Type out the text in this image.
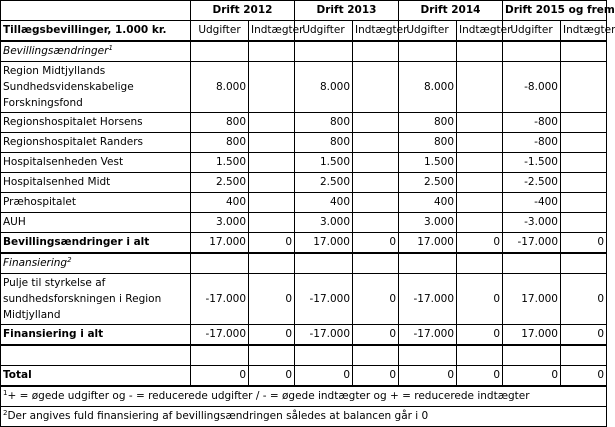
	Drift 2012		Drift 2013		Drift 2014		Drift 2015 og frem	
Tillægsbevillinger, 1.000 kr.	Udgifter	Indtægter	Udgifter	Indtægter	Udgifter	Indtægter	Udgifter	Indtægter
Bevillingsændringer$^1$								
Region Midtjyllands Sundhedsvidenskabelige Forskningsfond	8.000		8.000		8.000		-8.000	
Regionshospitalet Horsens	800		800		800		-800	
Regionshospitalet Randers	800		800		800		-800	
Hospitalsenheden Vest	1.500		1.500		1.500		-1.500	
Hospitalsenhed Midt	2.500		2.500		2.500		-2.500	
Præhospitalet	400		400		400		-400	
AUH	3.000		3.000		3.000		-3.000	
Bevillingsændringer i alt	17.000	0	17.000	0	17.000	0	-17.000	0
Finansiering$^2$								
Pulje til styrkelse af sundhedsforskningen i Region Midtjylland	-17.000	0	-17.000	0	-17.000	0	17.000	0
Finansiering i alt	-17.000	0	-17.000	0	-17.000	0	17.000	0

Total	0	0	0	0	0	0	0	0
$^1$+ = øgede udgifter og - = reducerede udgifter / - = øgede indtægter og + = reducerede indtægter								
$^2$Der angives fuld finansiering af bevillingsændringen således at balancen går i 0								
